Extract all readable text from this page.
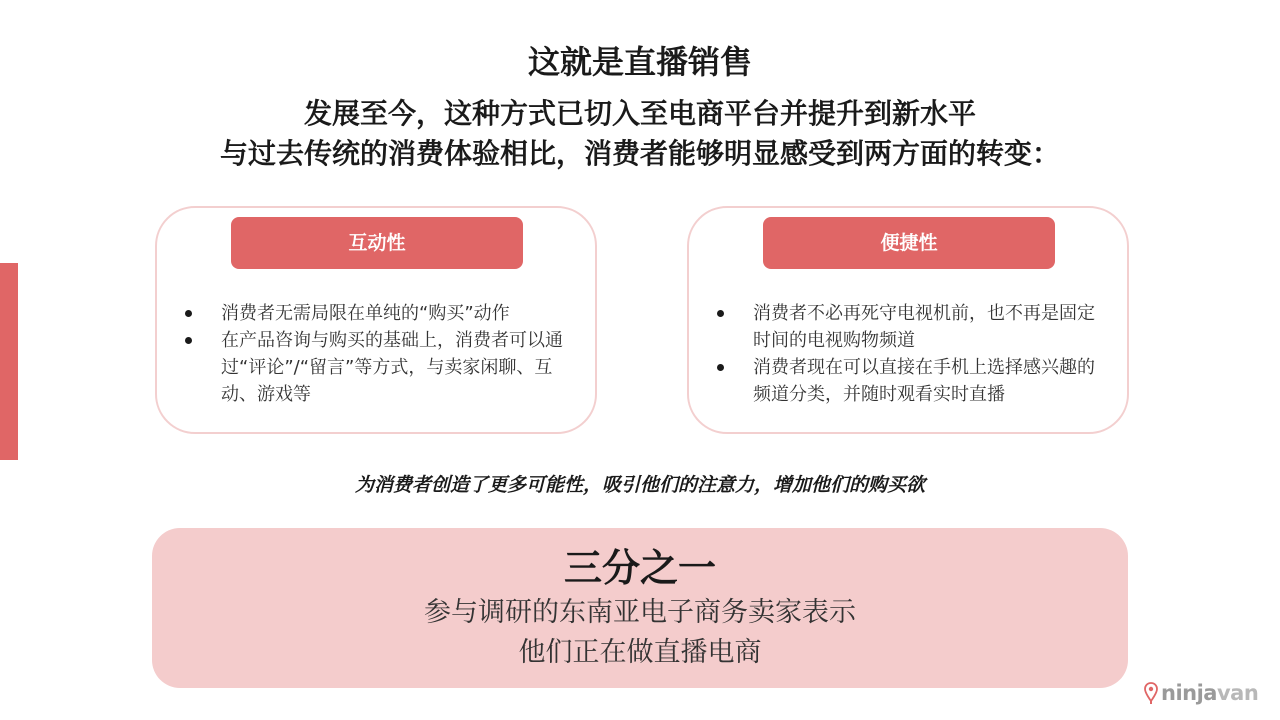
这就是直播销售
发展至今，这种方式已切入至电商平台并提升到新水平
与过去传统的消费体验相比，消费者能够明显感受到两方面的转变：
互动性
消费者无需局限在单纯的“购买”动作
在产品咨询与购买的基础上，消费者可以通过“评论”/“留言”等方式，与卖家闲聊、互动、游戏等
便捷性
消费者不必再死守电视机前，也不再是固定时间的电视购物频道
消费者现在可以直接在手机上选择感兴趣的频道分类，并随时观看实时直播
为消费者创造了更多可能性，吸引他们的注意力，增加他们的购买欲
三分之一
参与调研的东南亚电子商务卖家表示
他们正在做直播电商
ninjavan
